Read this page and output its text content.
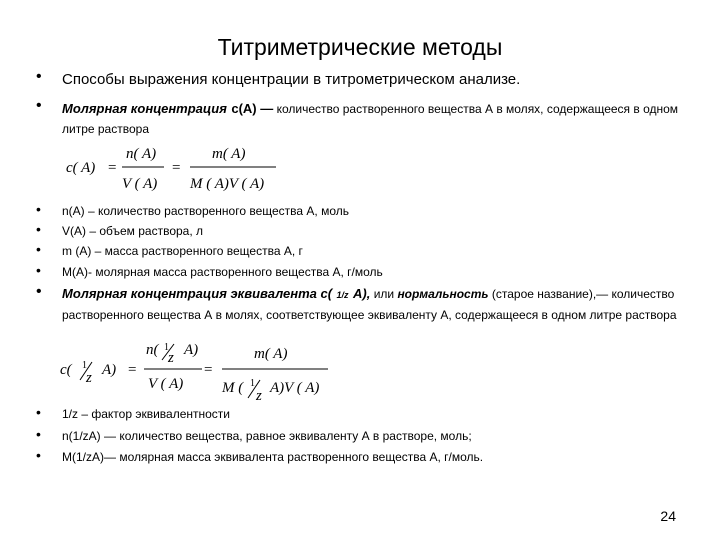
Титриметрические методы
• Способы выражения концентрации в титрометрическом анализе.
• Молярная концентрация с(А) — количество растворенного вещества А в молях, содержащееся в одном литре раствора
c( A) =
n( A)
V ( A)
=
m( A)
M ( A)V ( A)
• n(A) – количество растворенного вещества А, моль
• V(A) – объем раствора, л
• m (A) – масса растворенного вещества А, г
• M(A)- молярная масса растворенного вещества А, г/моль
• Молярная концентрация эквивалента с( 1/z А), или нормальность (старое название),— количество растворенного вещества А в молях, соответствующее эквиваленту А, содержащееся в одном литре раствора
c( 1
z A) =
n( 1
z A)
V ( A)
=
m( A)
M ( 1
z A)V ( A)
• 1/z – фактор эквивалентности
• n(1/zA) — количество вещества, равное эквиваленту А в растворе, моль;
• M(1/zA)— молярная масса эквивалента растворенного вещества А, г/моль.
24
